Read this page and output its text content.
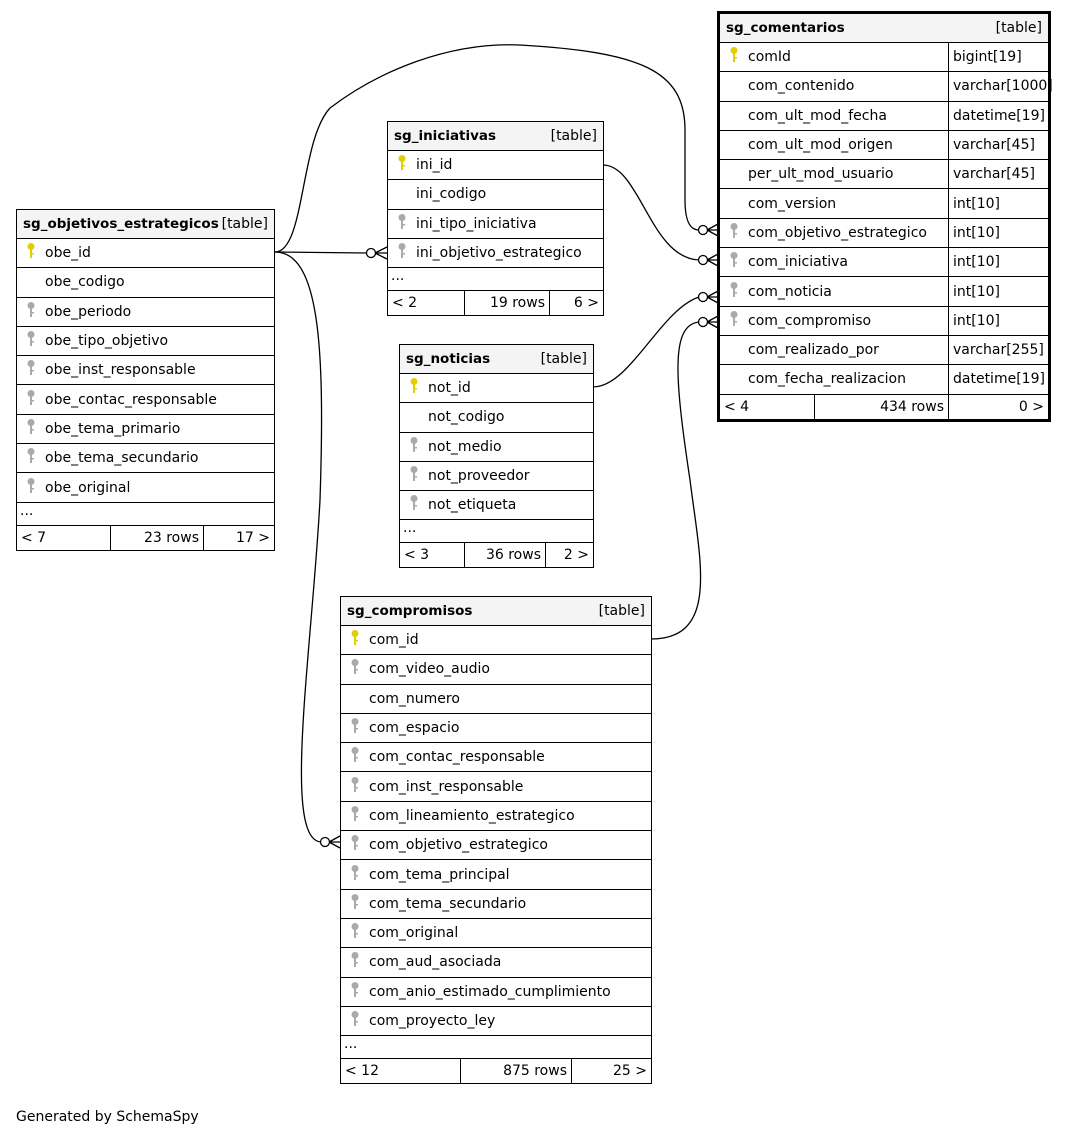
sg_objetivos_estrategicos [table]
obe_id
obe_codigo
obe_periodo
obe_tipo_objetivo
obe_inst_responsable
obe_contac_responsable
obe_tema_primario
obe_tema_secundario
obe_original
...
< 7	23 rows	17 >
sg_iniciativas	[table]
ini_id
ini_codigo
ini_tipo_iniciativa
ini_objetivo_estrategico
...
< 2	19 rows	6 >
sg_noticias	[table]
not_id
not_codigo
not_medio
not_proveedor
not_etiqueta
...
< 3	36 rows	2 >
sg_compromisos	[table]
com_id
com_video_audio
com_numero
com_espacio
com_contac_responsable
com_inst_responsable
com_lineamiento_estrategico
com_objetivo_estrategico
com_tema_principal
com_tema_secundario
com_original
com_aud_asociada
com_anio_estimado_cumplimiento
com_proyecto_ley
...
< 12	875 rows	25 >
sg_comentarios	[table]
comId	bigint[19]
com_contenido	varchar[1000]
com_ult_mod_fecha	datetime[19]
com_ult_mod_origen	varchar[45]
per_ult_mod_usuario	varchar[45]
com_version	int[10]
com_objetivo_estrategico	int[10]
com_iniciativa	int[10]
com_noticia	int[10]
com_compromiso	int[10]
com_realizado_por	varchar[255]
com_fecha_realizacion	datetime[19]
< 4	434 rows	0 >
Generated by SchemaSpy
